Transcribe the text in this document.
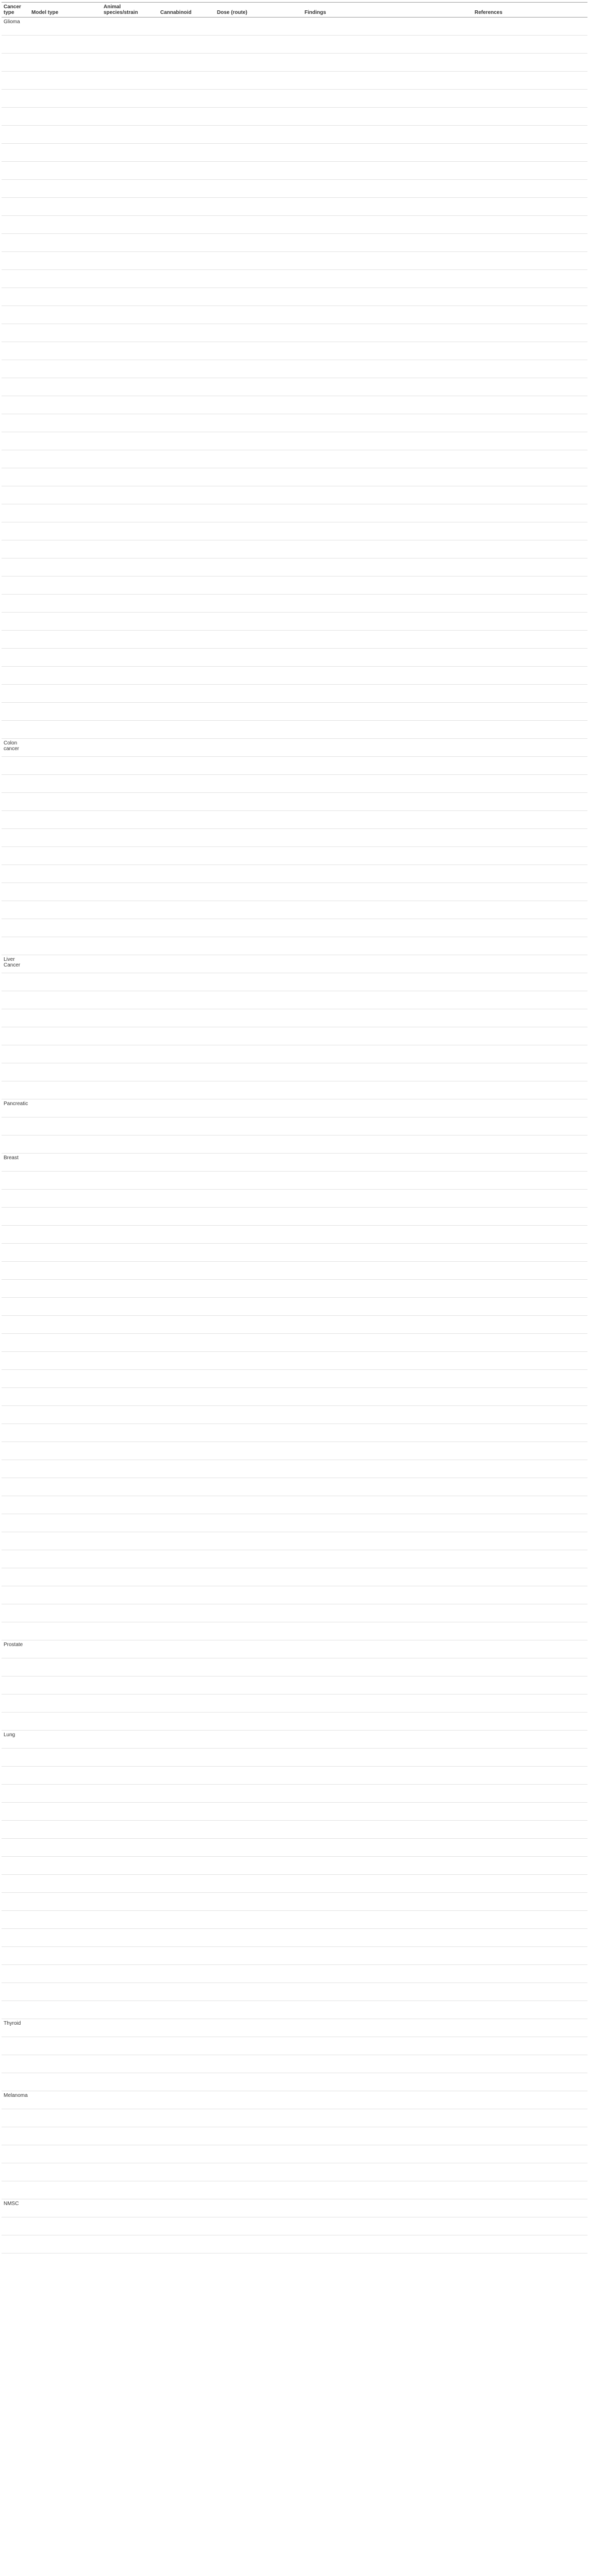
Cancer type	Model type	Animal species/strain	Cannabinoid	Dose (route)	Findings	References
Glioma						

Colon cancer						

Liver Cancer						

Pancreatic						

Breast						

Prostate						

Lung						

Thyroid						

Melanoma						

NMSC						
